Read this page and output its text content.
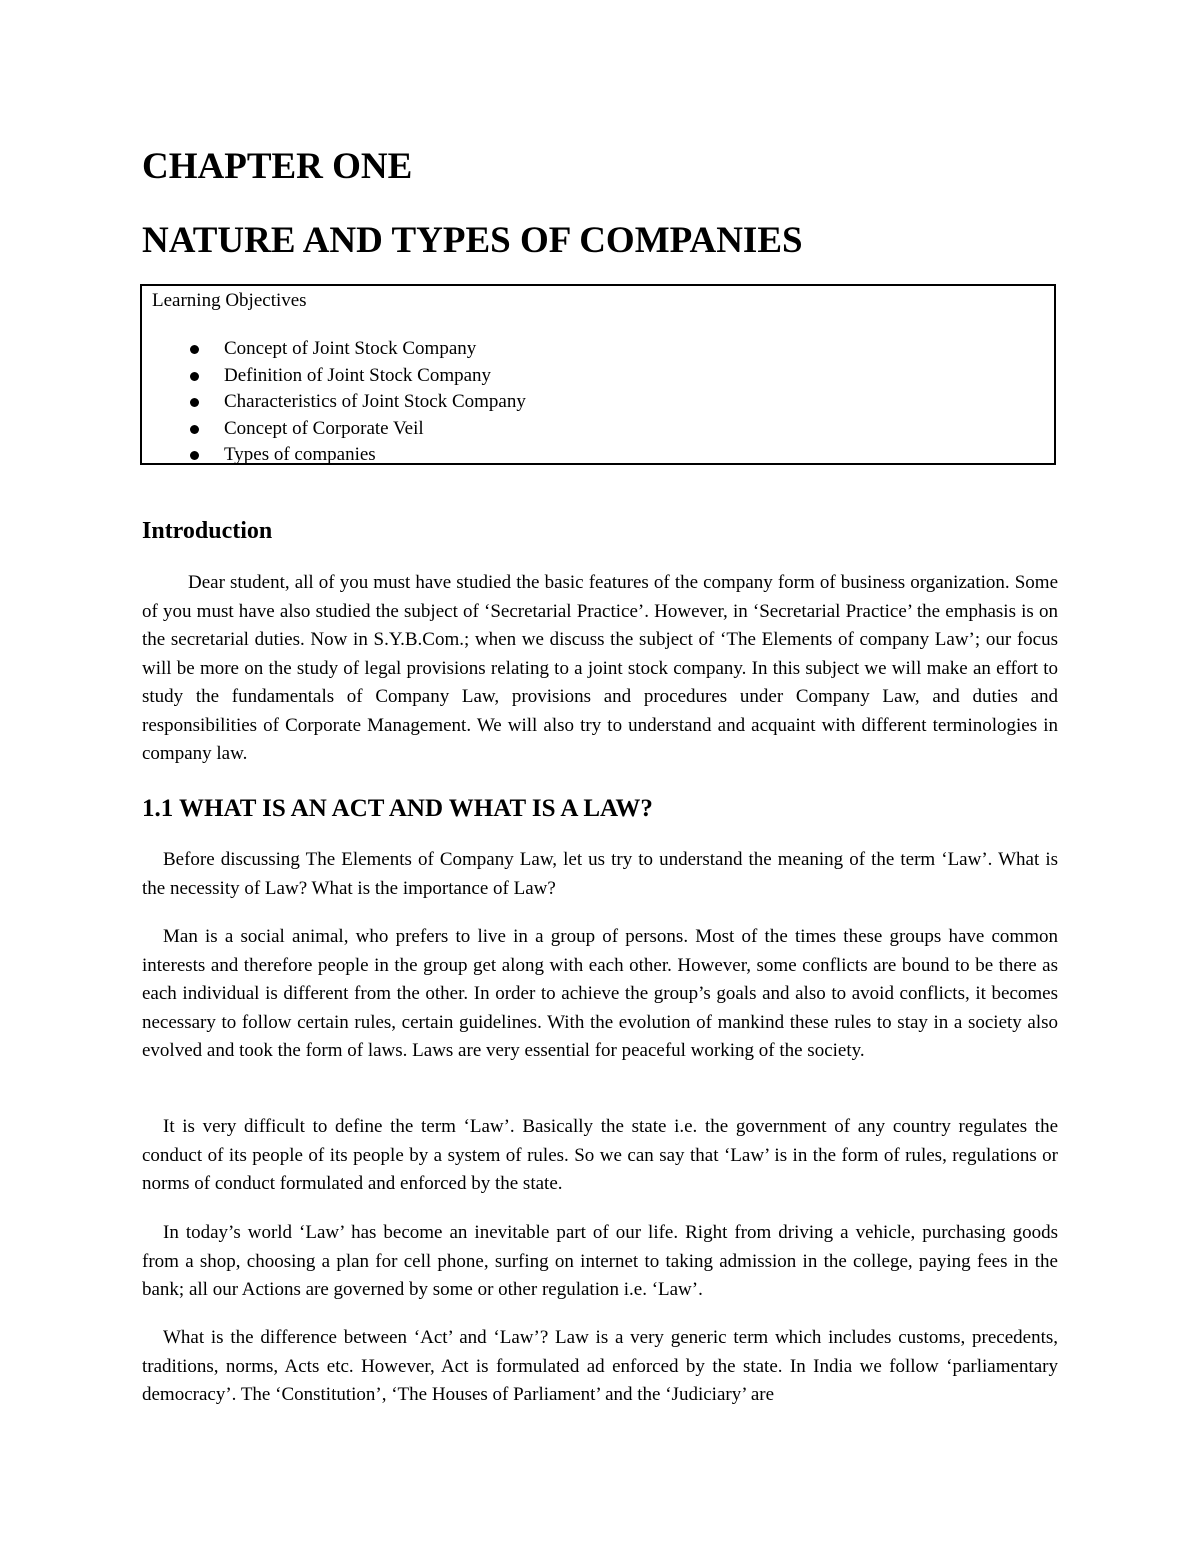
CHAPTER ONE
NATURE AND TYPES OF COMPANIES

Learning Objectives

Concept of Joint Stock Company
Definition of Joint Stock Company
Characteristics of Joint Stock Company
Concept of Corporate Veil
Types of companies
Introduction

Dear student, all of you must have studied the basic features of the company form of business organization. Some of you must have also studied the subject of ‘Secretarial Practice’. However, in ‘Secretarial Practice’ the emphasis is on the secretarial duties. Now in S.Y.B.Com.; when we discuss the subject of ‘The Elements of company Law’; our focus will be more on the study of legal provisions relating to a joint stock company. In this subject we will make an effort to study the fundamentals of Company Law, provisions and procedures under Company Law, and duties and responsibilities of Corporate Management. We will also try to understand and acquaint with different terminologies in company law.

1.1 WHAT IS AN ACT AND WHAT IS A LAW?

Before discussing The Elements of Company Law, let us try to understand the meaning of the term ‘Law’. What is the necessity of Law? What is the importance of Law?

Man is a social animal, who prefers to live in a group of persons. Most of the times these groups have common interests and therefore people in the group get along with each other. However, some conflicts are bound to be there as each individual is different from the other. In order to achieve the group’s goals and also to avoid conflicts, it becomes necessary to follow certain rules, certain guidelines. With the evolution of mankind these rules to stay in a society also evolved and took the form of laws. Laws are very essential for peaceful working of the society.

It is very difficult to define the term ‘Law’. Basically the state i.e. the government of any country regulates the conduct of its people of its people by a system of rules. So we can say that ‘Law’ is in the form of rules, regulations or norms of conduct formulated and enforced by the state.

In today’s world ‘Law’ has become an inevitable part of our life. Right from driving a vehicle, purchasing goods from a shop, choosing a plan for cell phone, surfing on internet to taking admission in the college, paying fees in the bank; all our Actions are governed by some or other regulation i.e. ‘Law’.

What is the difference between ‘Act’ and ‘Law’? Law is a very generic term which includes customs, precedents, traditions, norms, Acts etc. However, Act is formulated ad enforced by the state. In India we follow ‘parliamentary democracy’. The ‘Constitution’, ‘The Houses of Parliament’ and the ‘Judiciary’ are
